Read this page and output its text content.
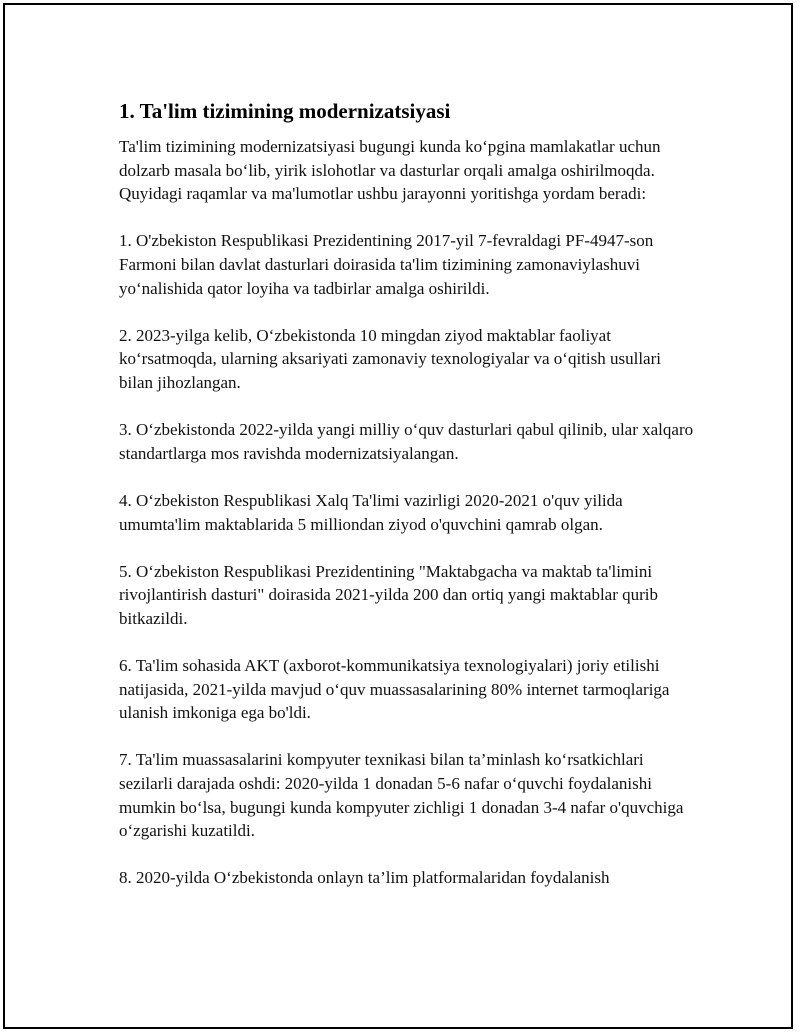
1. Ta'lim tizimining modernizatsiyasi

Ta'lim tizimining modernizatsiyasi bugungi kunda ko‘pgina mamlakatlar uchun dolzarb masala bo‘lib, yirik islohotlar va dasturlar orqali amalga oshirilmoqda. Quyidagi raqamlar va ma'lumotlar ushbu jarayonni yoritishga yordam beradi:

1. O'zbekiston Respublikasi Prezidentining 2017-yil 7-fevraldagi PF-4947-son Farmoni bilan davlat dasturlari doirasida ta'lim tizimining zamonaviylashuvi yo‘nalishida qator loyiha va tadbirlar amalga oshirildi.

2. 2023-yilga kelib, O‘zbekistonda 10 mingdan ziyod maktablar faoliyat ko‘rsatmoqda, ularning aksariyati zamonaviy texnologiyalar va o‘qitish usullari bilan jihozlangan.

3. O‘zbekistonda 2022-yilda yangi milliy o‘quv dasturlari qabul qilinib, ular xalqaro standartlarga mos ravishda modernizatsiyalangan.

4. O‘zbekiston Respublikasi Xalq Ta'limi vazirligi 2020-2021 o'quv yilida umumta'lim maktablarida 5 milliondan ziyod o'quvchini qamrab olgan.

5. O‘zbekiston Respublikasi Prezidentining "Maktabgacha va maktab ta'limini rivojlantirish dasturi" doirasida 2021-yilda 200 dan ortiq yangi maktablar qurib bitkazildi.

6. Ta'lim sohasida AKT (axborot-kommunikatsiya texnologiyalari) joriy etilishi natijasida, 2021-yilda mavjud o‘quv muassasalarining 80% internet tarmoqlariga ulanish imkoniga ega bo'ldi.

7. Ta'lim muassasalarini kompyuter texnikasi bilan ta’minlash ko‘rsatkichlari sezilarli darajada oshdi: 2020-yilda 1 donadan 5-6 nafar o‘quvchi foydalanishi mumkin bo‘lsa, bugungi kunda kompyuter zichligi 1 donadan 3-4 nafar o'quvchiga o‘zgarishi kuzatildi.

8. 2020-yilda O‘zbekistonda onlayn ta’lim platformalaridan foydalanish
